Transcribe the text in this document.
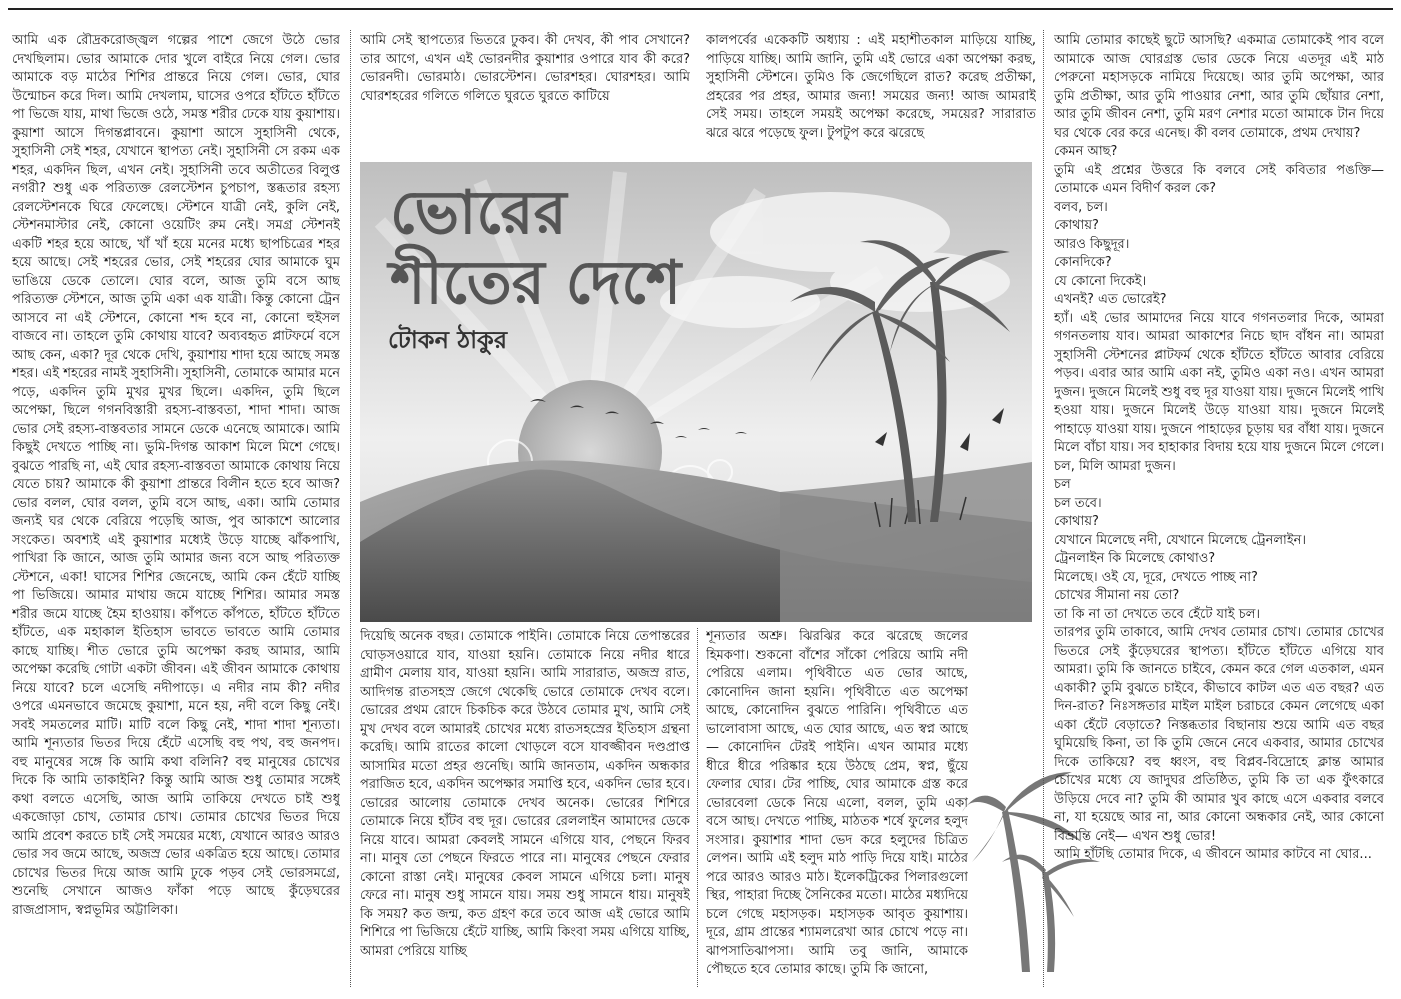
আমি এক রৌদ্রকরোজ্জ্বল গল্পের পাশে জেগে উঠে ভোর দেখছিলাম। ভোর আমাকে দোর খুলে বাইরে নিয়ে গেল। ভোর আমাকে বড় মাঠের শিশির প্রান্তরে নিয়ে গেল। ভোর, ঘোর উন্মোচন করে দিল। আমি দেখলাম, ঘাসের ওপরে হাঁটতে হাঁটতে পা ভিজে যায়, মাথা ভিজে ওঠে, সমস্ত শরীর ঢেকে যায় কুয়াশায়। কুয়াশা আসে দিগন্তপ্লাবনে। কুয়াশা আসে সুহাসিনী থেকে, সুহাসিনী সেই শহর, যেখানে স্থাপত্য নেই। সুহাসিনী সে রকম এক শহর, একদিন ছিল, এখন নেই। সুহাসিনী তবে অতীতের বিলুপ্ত নগরী? শুধু এক পরিত্যক্ত রেলস্টেশন চুপচাপ, স্তব্ধতার রহস্য রেলস্টেশনকে ঘিরে ফেলেছে। স্টেশনে যাত্রী নেই, কুলি নেই, স্টেশনমাস্টার নেই, কোনো ওয়েটিং রুম নেই। সমগ্র স্টেশনই একটি শহর হয়ে আছে, খাঁ খাঁ হয়ে মনের মধ্যে ছাপচিত্রের শহর হয়ে আছে। সেই শহরের ভোর, সেই শহরের ঘোর আমাকে ঘুম ভাঙিয়ে ডেকে তোলে। ঘোর বলে, আজ তুমি বসে আছ পরিত্যক্ত স্টেশনে, আজ তুমি একা এক যাত্রী। কিন্তু কোনো ট্রেন আসবে না এই স্টেশনে, কোনো শব্দ হবে না, কোনো হুইসল বাজবে না। তাহলে তুমি কোথায় যাবে? অব্যবহৃত প্লাটফর্মে বসে আছ কেন, একা? দূর থেকে দেখি, কুয়াশায় শাদা হয়ে আছে সমস্ত শহর। এই শহরের নামই সুহাসিনী। সুহাসিনী, তোমাকে আমার মনে পড়ে, একদিন তুমি মুখর মুখর ছিলে। একদিন, তুমি ছিলে অপেক্ষা, ছিলে গগনবিস্তারী রহস্য-বাস্তবতা, শাদা শাদা। আজ ভোর সেই রহস্য-বাস্তবতার সামনে ডেকে এনেছে আমাকে। আমি কিছুই দেখতে পাচ্ছি না। ভুমি-দিগন্ত আকাশ মিলে মিশে গেছে। বুঝতে পারছি না, এই ঘোর রহস্য-বাস্তবতা আমাকে কোথায় নিয়ে যেতে চায়? আমাকে কী কুয়াশা প্রান্তরে বিলীন হতে হবে আজ? ভোর বলল, ঘোর বলল, তুমি বসে আছ, একা। আমি তোমার জন্যই ঘর থেকে বেরিয়ে পড়েছি আজ, পুব আকাশে আলোর সংকেত। অবশ্যই এই কুয়াশার মধ্যেই উড়ে যাচ্ছে ঝাঁকপাখি, পাখিরা কি জানে, আজ তুমি আমার জন্য বসে আছ পরিত্যক্ত স্টেশনে, একা! ঘাসের শিশির জেনেছে, আমি কেন হেঁটে যাচ্ছি পা ভিজিয়ে। আমার মাথায় জমে যাচ্ছে শিশির। আমার সমস্ত শরীর জমে যাচ্ছে হৈম হাওয়ায়। কাঁপতে কাঁপতে, হাঁটতে হাঁটতে হাঁটতে, এক মহাকাল ইতিহাস ভাবতে ভাবতে আমি তোমার কাছে যাচ্ছি। শীত ভোরে তুমি অপেক্ষা করছ আমার, আমি অপেক্ষা করেছি গোটা একটা জীবন। এই জীবন আমাকে কোথায় নিয়ে যাবে? চলে এসেছি নদীপাড়ে। এ নদীর নাম কী? নদীর ওপরে এমনভাবে জমেছে কুয়াশা, মনে হয়, নদী বলে কিছু নেই। সবই সমতলের মাটি। মাটি বলে কিছু নেই, শাদা শাদা শূন্যতা। আমি শূন্যতার ভিতর দিয়ে হেঁটে এসেছি বহু পথ, বহু জনপদ। বহু মানুষের সঙ্গে কি আমি কথা বলিনি? বহু মানুষের চোখের দিকে কি আমি তাকাইনি? কিন্তু আমি আজ শুধু তোমার সঙ্গেই কথা বলতে এসেছি, আজ আমি তাকিয়ে দেখতে চাই শুধু একজোড়া চোখ, তোমার চোখ। তোমার চোখের ভিতর দিয়ে আমি প্রবেশ করতে চাই সেই সময়ের মধ্যে, যেখানে আরও আরও ভোর সব জমে আছে, অজস্র ভোর একত্রিত হয়ে আছে। তোমার চোখের ভিতর দিয়ে আজ আমি ঢুকে পড়ব সেই ভোরসমগ্রে, শুনেছি সেখানে আজও ফাঁকা পড়ে আছে কুঁড়েঘরের রাজপ্রাসাদ, স্বপ্নভূমির অট্টালিকা।

আমি সেই স্থাপত্যের ভিতরে ঢুকব। কী দেখব, কী পাব সেখানে? তার আগে, এখন এই ভোরনদীর কুয়াশার ওপারে যাব কী করে? ভোরনদী। ভোরমাঠ। ভোরস্টেশন। ভোরশহর। ঘোরশহর। আমি ঘোরশহরের গলিতে গলিতে ঘুরতে ঘুরতে কাটিয়ে

কালপর্বের একেকটি অধ্যায় : এই মহাশীতকাল মাড়িয়ে যাচ্ছি, পাড়িয়ে যাচ্ছি। আমি জানি, তুমি এই ভোরে একা অপেক্ষা করছ, সুহাসিনী স্টেশনে। তুমিও কি জেগেছিলে রাত? করেছ প্রতীক্ষা, প্রহরের পর প্রহর, আমার জন্য! সময়ের জন্য! আজ আমরাই সেই সময়। তাহলে সময়ই অপেক্ষা করেছে, সময়ের? সারারাত ঝরে ঝরে পড়েছে ফুল। টুপটুপ করে ঝরেছে

ভোরের
শীতের দেশে
টোকন ঠাকুর

দিয়েছি অনেক বছর। তোমাকে পাইনি। তোমাকে নিয়ে তেপান্তরের ঘোড়সওয়ারে যাব, যাওয়া হয়নি। তোমাকে নিয়ে নদীর ধারে গ্রামীণ মেলায় যাব, যাওয়া হয়নি। আমি সারারাত, অজস্র রাত, আদিগন্ত রাতসহস্র জেগে থেকেছি ভোরে তোমাকে দেখব বলে। ভোরের প্রথম রোদে চিকচিক করে উঠবে তোমার মুখ, আমি সেই মুখ দেখব বলে আমারই চোখের মধ্যে রাতসহস্রের ইতিহাস গ্রন্থনা করেছি। আমি রাতের কালো খোড়লে বসে যাবজ্জীবন দণ্ডপ্রাপ্ত আসামির মতো প্রহর গুনেছি। আমি জানতাম, একদিন অন্ধকার পরাজিত হবে, একদিন অপেক্ষার সমাপ্তি হবে, একদিন ভোর হবে। ভোরের আলোয় তোমাকে দেখব অনেক। ভোরের শিশিরে তোমাকে নিয়ে হাঁটব বহু দূর। ভোরের রেললাইন আমাদের ডেকে নিয়ে যাবে। আমরা কেবলই সামনে এগিয়ে যাব, পেছনে ফিরব না। মানুষ তো পেছনে ফিরতে পারে না। মানুষের পেছনে ফেরার কোনো রাস্তা নেই। মানুষের কেবল সামনে এগিয়ে চলা। মানুষ ফেরে না। মানুষ শুধু সামনে যায়। সময় শুধু সামনে ধায়। মানুষই কি সময়? কত জন্ম, কত গ্রহণ করে তবে আজ এই ভোরে আমি শিশিরে পা ভিজিয়ে হেঁটে যাচ্ছি, আমি কিংবা সময় এগিয়ে যাচ্ছি, আমরা পেরিয়ে যাচ্ছি

শূন্যতার অশ্রু। ঝিরঝির করে ঝরেছে জলের হিমকণা। শুকনো বাঁশের সাঁকো পেরিয়ে আমি নদী পেরিয়ে এলাম। পৃথিবীতে এত ভোর আছে, কোনোদিন জানা হয়নি। পৃথিবীতে এত অপেক্ষা আছে, কোনোদিন বুঝতে পারিনি। পৃথিবীতে এত ভালোবাসা আছে, এত ঘোর আছে, এত স্বপ্ন আছে— কোনোদিন টেরই পাইনি। এখন আমার মধ্যে ধীরে ধীরে পরিষ্কার হয়ে উঠছে প্রেম, স্বপ্ন, ছুঁয়ে ফেলার ঘোর। টের পাচ্ছি, ঘোর আমাকে গ্রস্ত করে ভোরবেলা ডেকে নিয়ে এলো, বলল, তুমি একা বসে আছ। দেখতে পাচ্ছি, মাঠতক শর্ষে ফুলের হলুদ সংসার। কুয়াশার শাদা ভেদ করে হলুদের চিত্রিত লেপন। আমি এই হলুদ মাঠ পাড়ি দিয়ে যাই। মাঠের পরে আরও আরও মাঠ। ইলেকট্রিকের পিলারগুলো স্থির, পাহারা দিচ্ছে সৈনিকের মতো। মাঠের মধ্যদিয়ে চলে গেছে মহাসড়ক। মহাসড়ক আবৃত কুয়াশায়। দূরে, গ্রাম প্রান্তের শ্যামলরেখা আর চোখে পড়ে না। ঝাপসাতিঝাপসা। আমি তবু জানি, আমাকে পৌছতে হবে তোমার কাছে। তুমি কি জানো,

আমি তোমার কাছেই ছুটে আসছি? একমাত্র তোমাকেই পাব বলে আমাকে আজ ঘোরগ্রস্ত ভোর ডেকে নিয়ে এতদূর এই মাঠ পেরুনো মহাসড়কে নামিয়ে দিয়েছে। আর তুমি অপেক্ষা, আর তুমি প্রতীক্ষা, আর তুমি পাওয়ার নেশা, আর তুমি ছোঁয়ার নেশা, আর তুমি জীবন নেশা, তুমি মরণ নেশার মতো আমাকে টান দিয়ে ঘর থেকে বের করে এনেছ। কী বলব তোমাকে, প্রথম দেখায়?

কেমন আছ?

তুমি এই প্রশ্নের উত্তরে কি বলবে সেই কবিতার পঙক্তি— তোমাকে এমন বিদীর্ণ করল কে?

বলব, চল।

কোথায়?

আরও কিছুদূর।

কোনদিকে?

যে কোনো দিকেই।

এখনই? এত ভোরেই?

হ্যাঁ। এই ভোর আমাদের নিয়ে যাবে গগনতলার দিকে, আমরা গগনতলায় যাব। আমরা আকাশের নিচে ছাদ বাঁধন না। আমরা সুহাসিনী স্টেশনের প্লাটফর্ম থেকে হাঁটতে হাঁটতে আবার বেরিয়ে পড়ব। এবার আর আমি একা নই, তুমিও একা নও। এখন আমরা দুজন। দুজনে মিলেই শুধু বহু দূর যাওয়া যায়। দুজনে মিলেই পাখি হওয়া যায়। দুজনে মিলেই উড়ে যাওয়া যায়। দুজনে মিলেই পাহাড়ে যাওয়া যায়। দুজনে পাহাড়ের চূড়ায় ঘর বাঁধা যায়। দুজনে মিলে বাঁচা যায়। সব হাহাকার বিদায় হয়ে যায় দুজনে মিলে গেলে। চল, মিলি আমরা দুজন।

চল

চল তবে।

কোথায়?

যেখানে মিলেছে নদী, যেখানে মিলেছে ট্রেনলাইন।

ট্রেনলাইন কি মিলেছে কোথাও?

মিলেছে। ওই যে, দূরে, দেখতে পাচ্ছ না?

চোখের সীমানা নয় তো?

তা কি না তা দেখতে তবে হেঁটে যাই চল।

তারপর তুমি তাকাবে, আমি দেখব তোমার চোখ। তোমার চোখের ভিতরে সেই কুঁড়েঘরের স্থাপত্য। হাঁটতে হাঁটতে এগিয়ে যাব আমরা। তুমি কি জানতে চাইবে, কেমন করে গেল এতকাল, এমন একাকী? তুমি বুঝতে চাইবে, কীভাবে কাটল এত এত বছর? এত দিন-রাত? নিঃসঙ্গতার মাইল মাইল চরাচরে কেমন লেগেছে একা একা হেঁটে বেড়াতে? নিস্তব্ধতার বিছানায় শুয়ে আমি এত বছর ঘুমিয়েছি কিনা, তা কি তুমি জেনে নেবে একবার, আমার চোখের দিকে তাকিয়ে? বহু ধ্বংস, বহু বিপ্লব-বিদ্রোহে ক্লান্ত আমার চোখের মধ্যে যে জাদুঘর প্রতিষ্ঠিত, তুমি কি তা এক ফুঁৎকারে উড়িয়ে দেবে না? তুমি কী আমার খুব কাছে এসে একবার বলবে না, যা হয়েছে আর না, আর কোনো অন্ধকার নেই, আর কোনো বিভ্রান্তি নেই— এখন শুধু ভোর!

আমি হাঁটছি তোমার দিকে, এ জীবনে আমার কাটবে না ঘোর...
